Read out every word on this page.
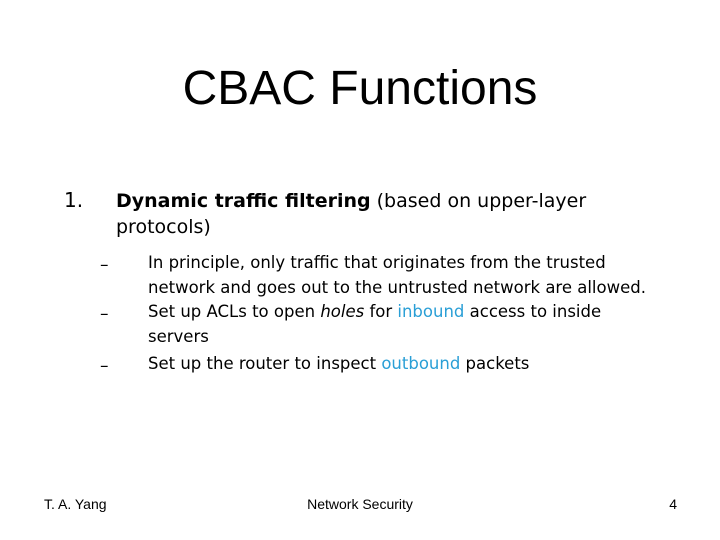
CBAC Functions
1. Dynamic traffic filtering (based on upper-layer
protocols)
– In principle, only traffic that originates from the trusted
network and goes out to the untrusted network are allowed.
– Set up ACLs to open holes for inbound access to inside
servers
– Set up the router to inspect outbound packets
T. A. Yang	Network Security	4
